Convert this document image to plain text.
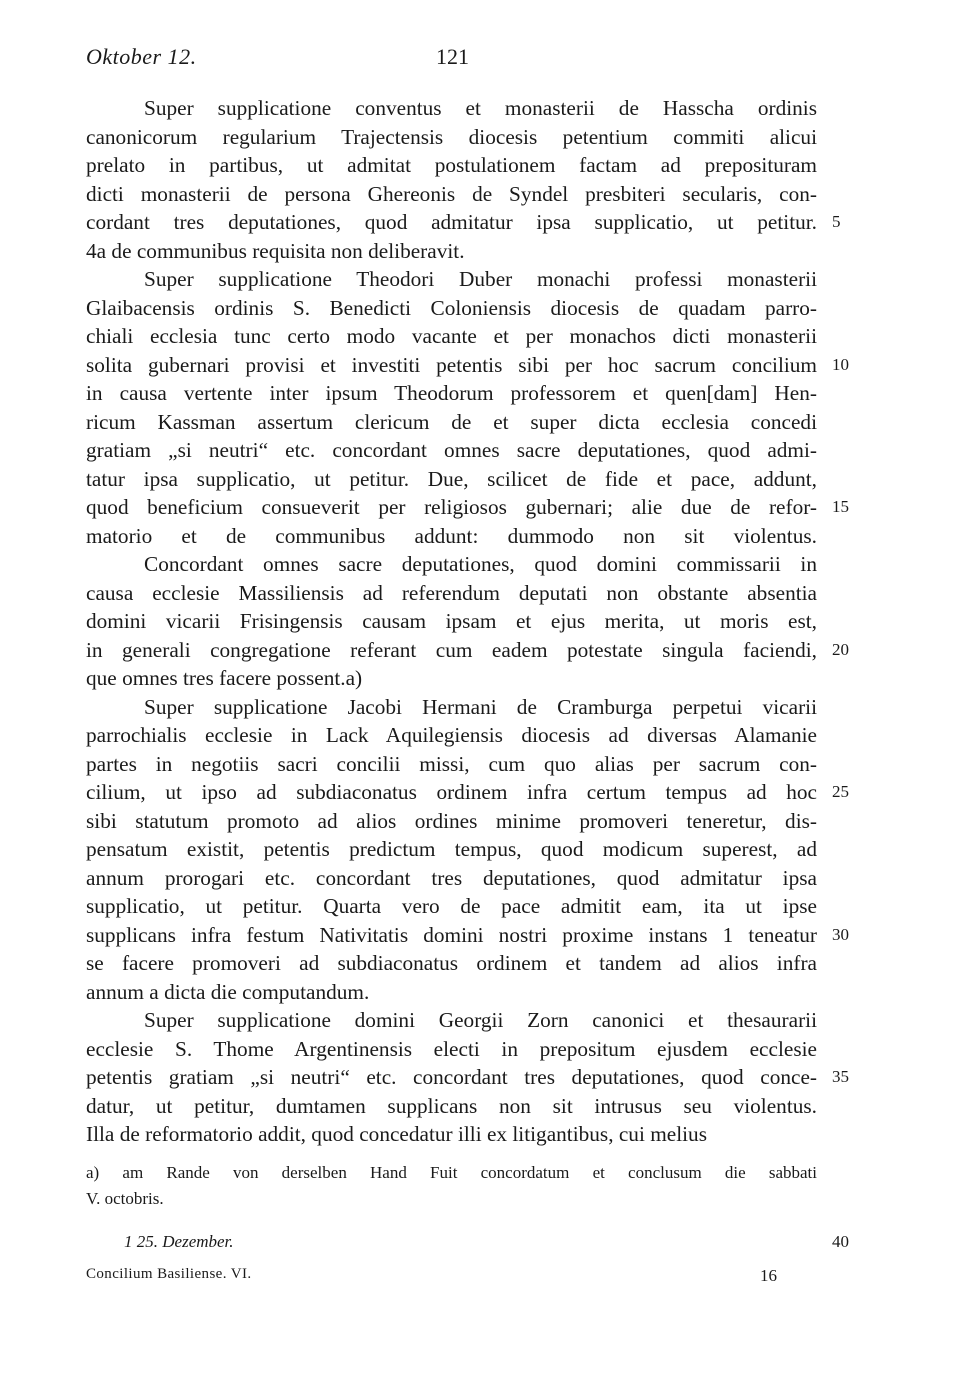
Oktober 12.	121
Super supplicatione conventus et monasterii de Hasscha ordinis
canonicorum regularium Trajectensis diocesis petentium commiti alicui
prelato in partibus, ut admitat postulationem factam ad preposituram
dicti monasterii de persona Ghereonis de Syndel presbiteri secularis, con-
cordant tres deputationes, quod admitatur ipsa supplicatio, ut petitur.
4a de communibus requisita non deliberavit.
Super supplicatione Theodori Duber monachi professi monasterii
Glaibacensis ordinis S. Benedicti Coloniensis diocesis de quadam parro-
chiali ecclesia tunc certo modo vacante et per monachos dicti monasterii
solita gubernari provisi et investiti petentis sibi per hoc sacrum concilium
in causa vertente inter ipsum Theodorum professorem et quen[dam] Hen-
ricum Kassman assertum clericum de et super dicta ecclesia concedi
gratiam „si neutri“ etc. concordant omnes sacre deputationes, quod admi-
tatur ipsa supplicatio, ut petitur. Due, scilicet de fide et pace, addunt,
quod beneficium consueverit per religiosos gubernari; alie due de refor-
matorio et de communibus addunt: dummodo non sit violentus.
Concordant omnes sacre deputationes, quod domini commissarii in
causa ecclesie Massiliensis ad referendum deputati non obstante absentia
domini vicarii Frisingensis causam ipsam et ejus merita, ut moris est,
in generali congregatione referant cum eadem potestate singula faciendi,
que omnes tres facere possent.a)
Super supplicatione Jacobi Hermani de Cramburga perpetui vicarii
parrochialis ecclesie in Lack Aquilegiensis diocesis ad diversas Alamanie
partes in negotiis sacri concilii missi, cum quo alias per sacrum con-
cilium, ut ipso ad subdiaconatus ordinem infra certum tempus ad hoc
sibi statutum promoto ad alios ordines minime promoveri teneretur, dis-
pensatum existit, petentis predictum tempus, quod modicum superest, ad
annum prorogari etc. concordant tres deputationes, quod admitatur ipsa
supplicatio, ut petitur. Quarta vero de pace admitit eam, ita ut ipse
supplicans infra festum Nativitatis domini nostri proxime instans 1 teneatur
se facere promoveri ad subdiaconatus ordinem et tandem ad alios infra
annum a dicta die computandum.
Super supplicatione domini Georgii Zorn canonici et thesaurarii
ecclesie S. Thome Argentinensis electi in prepositum ejusdem ecclesie
petentis gratiam „si neutri“ etc. concordant tres deputationes, quod conce-
datur, ut petitur, dumtamen supplicans non sit intrusus seu violentus.
Illa de reformatorio addit, quod concedatur illi ex litigantibus, cui melius
5
10
15
20
25
30
35
a) am Rande von derselben Hand Fuit concordatum et conclusum die sabbati
V. octobris.
1 25. Dezember.	40
Concilium Basiliense. VI.	16
